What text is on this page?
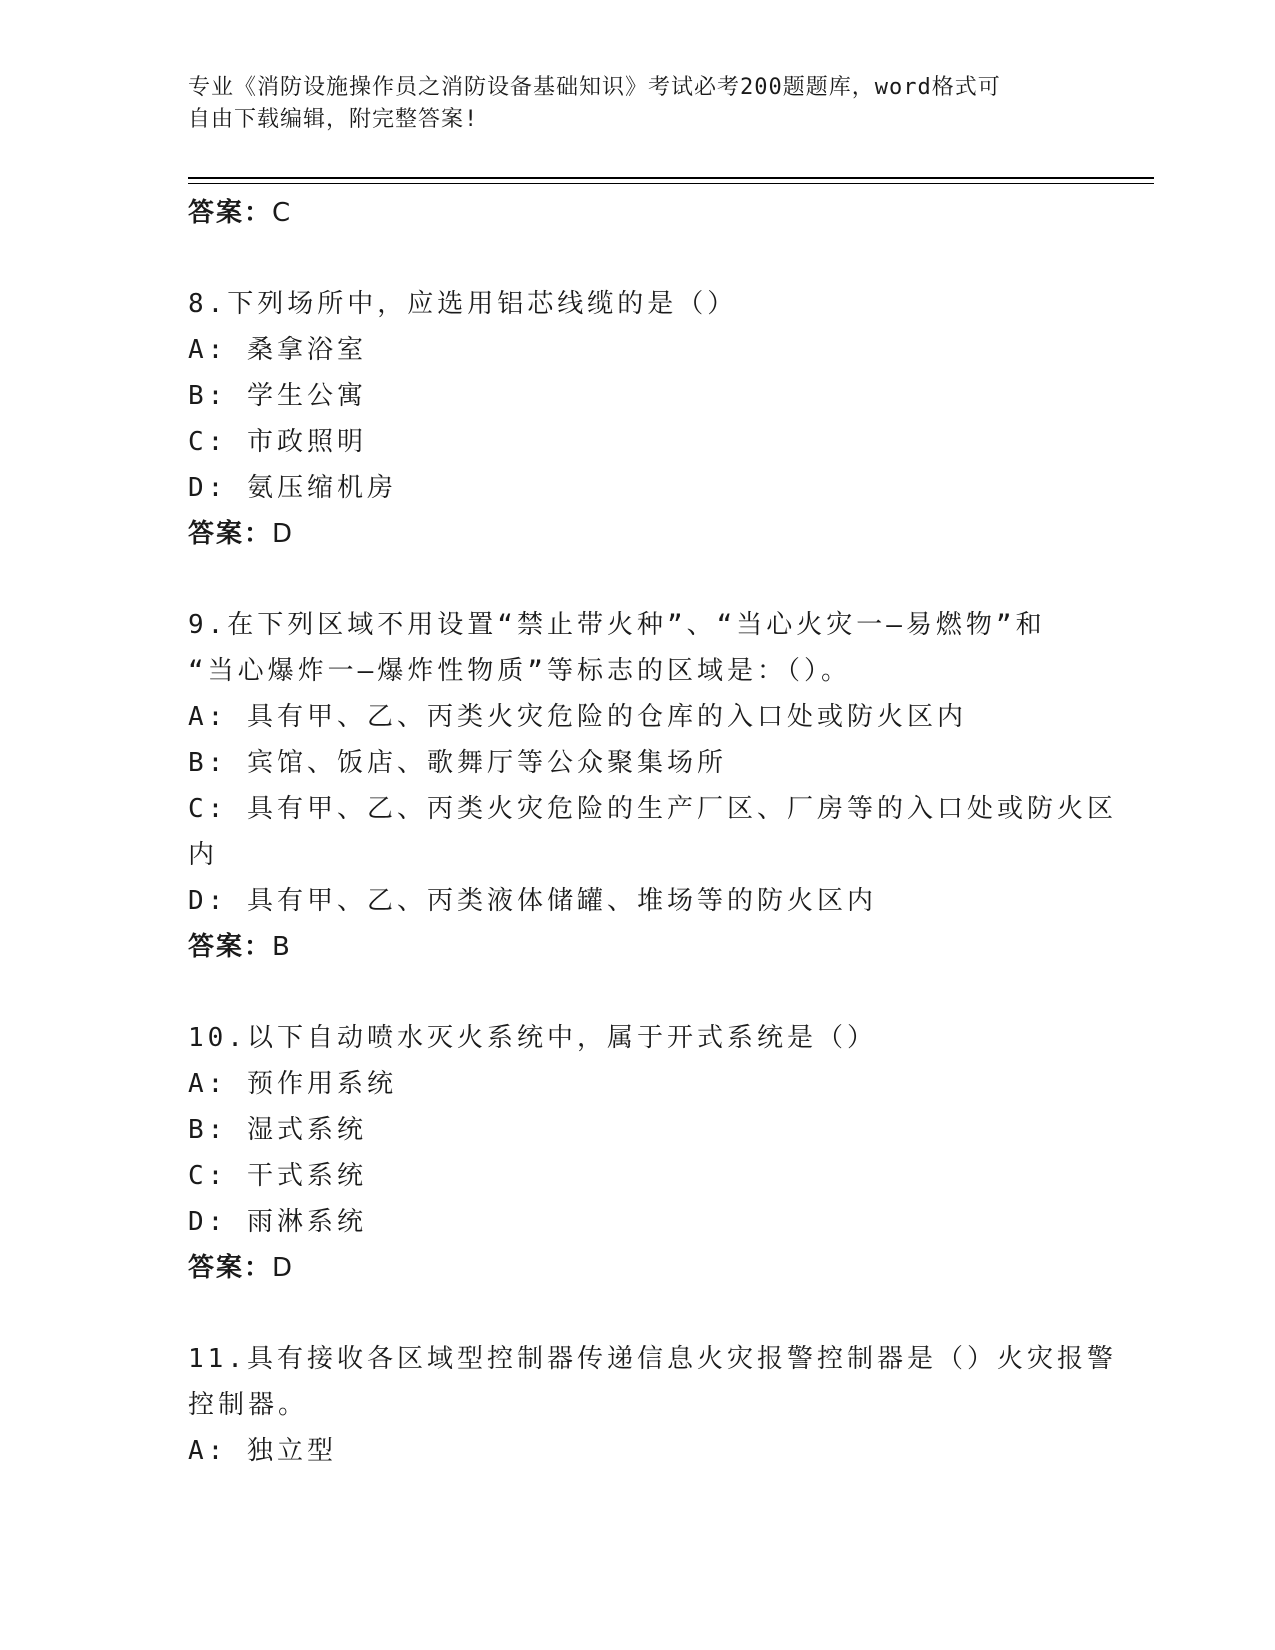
专业《消防设施操作员之消防设备基础知识》考试必考200题题库，word格式可
自由下载编辑，附完整答案!
答案：C
8.下列场所中，应选用铝芯线缆的是（）
A: 桑拿浴室
B: 学生公寓
C: 市政照明
D: 氨压缩机房
答案：D
9.在下列区域不用设置“禁止带火种”、“当心火灾一—易燃物”和
“当心爆炸一—爆炸性物质”等标志的区域是：（）。
A: 具有甲、乙、丙类火灾危险的仓库的入口处或防火区内
B: 宾馆、饭店、歌舞厅等公众聚集场所
C: 具有甲、乙、丙类火灾危险的生产厂区、厂房等的入口处或防火区
内
D: 具有甲、乙、丙类液体储罐、堆场等的防火区内
答案：B
10.以下自动喷水灭火系统中，属于开式系统是（）
A: 预作用系统
B: 湿式系统
C: 干式系统
D: 雨淋系统
答案：D
11.具有接收各区域型控制器传递信息火灾报警控制器是（）火灾报警
控制器。
A: 独立型
